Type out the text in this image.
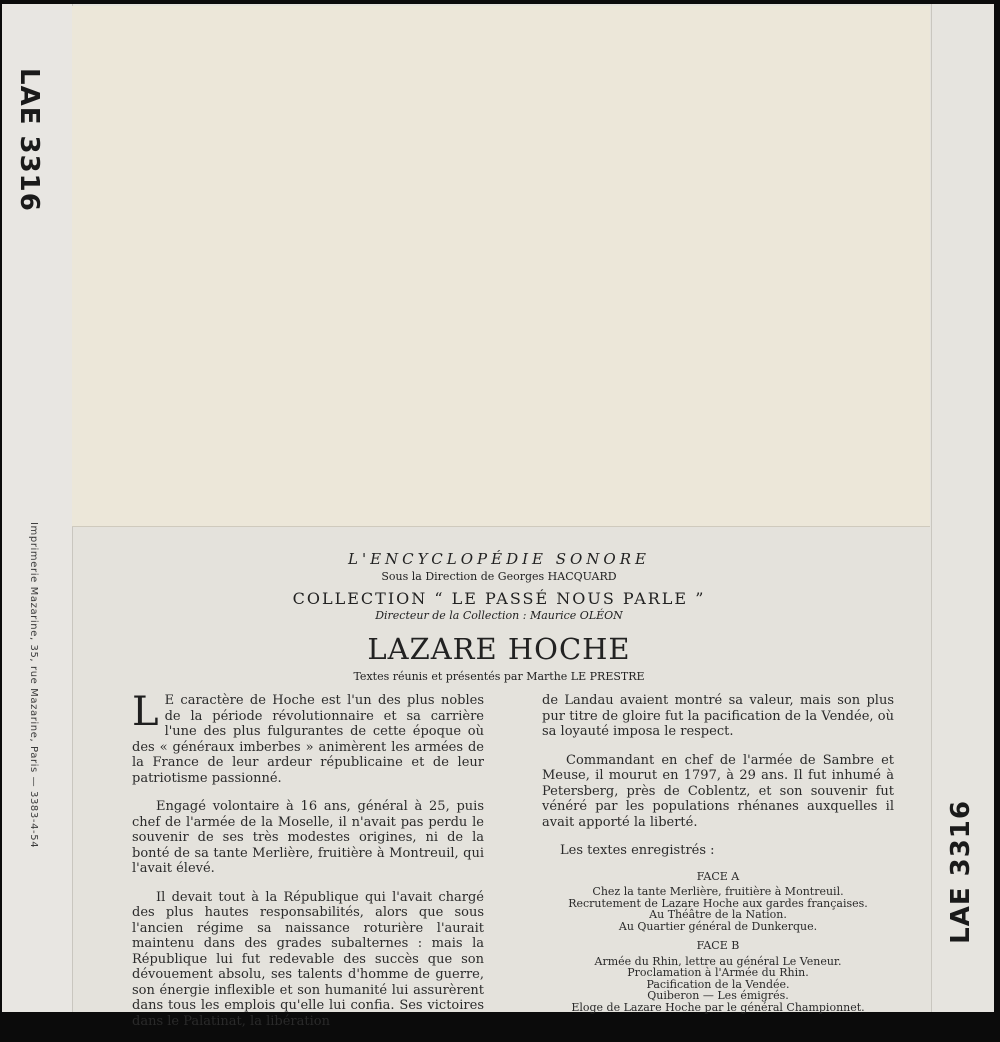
LAE 3316
LAE 3316
Imprimerie Mazarine, 35, rue Mazarine, Paris — 3383-4-54	L'ENCYCLOPÉDIE SONORE
Sous la Direction de Georges HACQUARD
COLLECTION “ LE PASSÉ NOUS PARLE ”
Directeur de la Collection : Maurice OLÉON
LAZARE HOCHE
Textes réunis et présentés par Marthe LE PRESTRE

L E caractère de Hoche est l'un des plus nobles de la période révolutionnaire et sa carrière l'une des plus fulgurantes de cette époque où des « généraux imberbes » animèrent les armées de la France de leur ardeur républicaine et de leur patriotisme passionné.

Engagé volontaire à 16 ans, général à 25, puis chef de l'armée de la Moselle, il n'avait pas perdu le souvenir de ses très modestes origines, ni de la bonté de sa tante Merlière, fruitière à Montreuil, qui l'avait élevé.

Il devait tout à la République qui l'avait chargé des plus hautes responsabilités, alors que sous l'ancien régime sa naissance roturière l'aurait maintenu dans des grades subalternes : mais la République lui fut redevable des succès que son dévouement absolu, ses talents d'homme de guerre, son énergie inflexible et son humanité lui assurèrent dans tous les emplois qu'elle lui confia. Ses victoires dans le Palatinat, la libération

de Landau avaient montré sa valeur, mais son plus pur titre de gloire fut la pacification de la Vendée, où sa loyauté imposa le respect.

Commandant en chef de l'armée de Sambre et Meuse, il mourut en 1797, à 29 ans. Il fut inhumé à Petersberg, près de Coblentz, et son souvenir fut vénéré par les populations rhénanes auxquelles il avait apporté la liberté.

Les textes enregistrés :

FACE A
Chez la tante Merlière, fruitière à Montreuil.
Recrutement de Lazare Hoche aux gardes françaises.
Au Théâtre de la Nation.
Au Quartier général de Dunkerque.
FACE B
Armée du Rhin, lettre au général Le Veneur.
Proclamation à l'Armée du Rhin.
Pacification de la Vendée.
Quiberon — Les émigrés.
Eloge de Lazare Hoche par le général Championnet.
